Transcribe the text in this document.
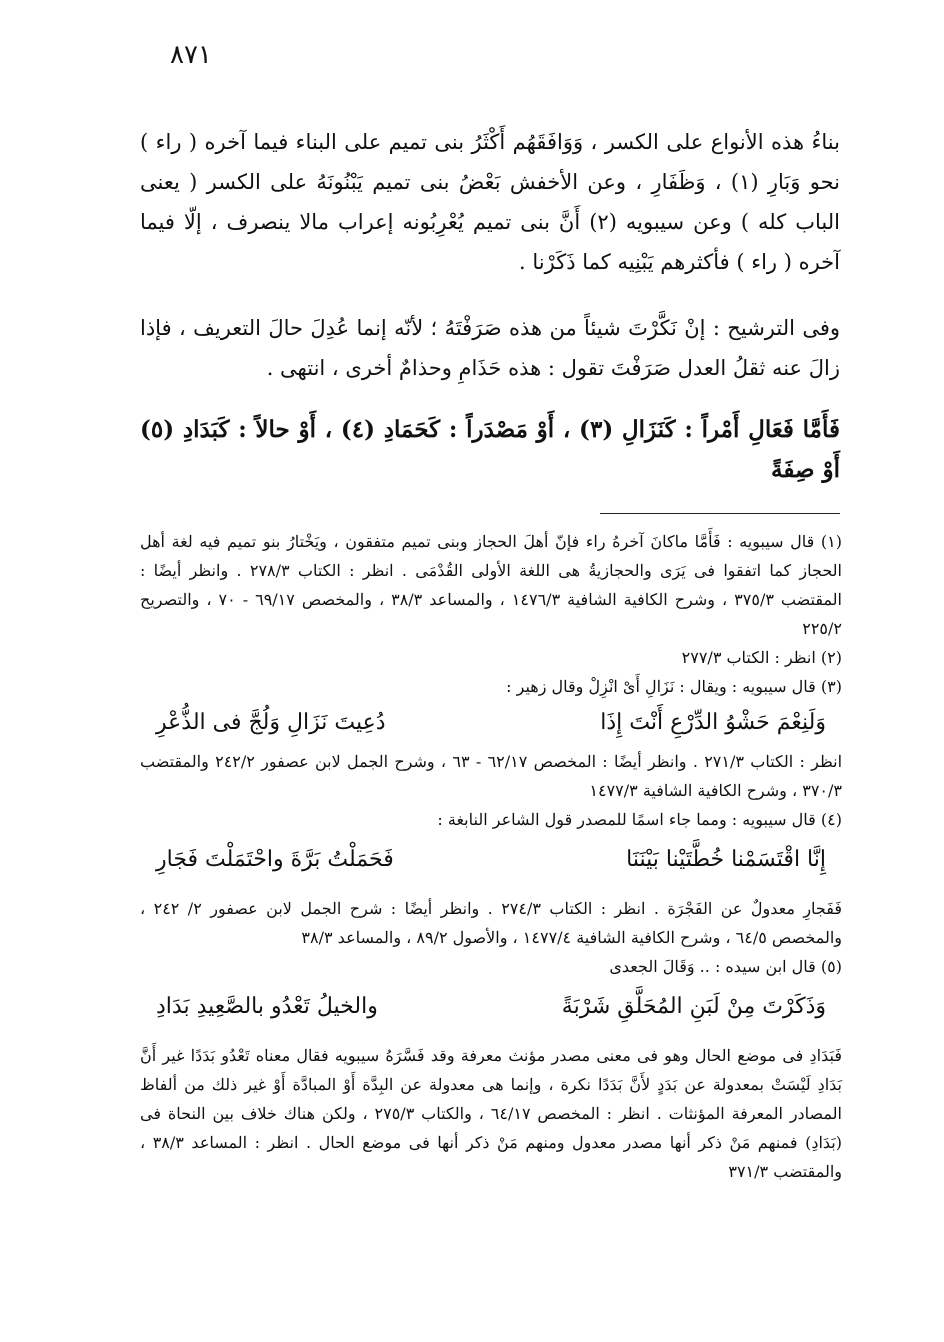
٨٧١

بناءُ هذه الأنواع على الكسر ، وَوَافَقَهُم أَكْثَرُ بنى تميم على البناء فيما آخره ( راء ) نحو وَبَارِ (١) ، وَظَفَارِ ، وعن الأخفش بَعْضُ بنى تميم يَبْنُونَهُ على الكسر ( يعنى الباب كله ) وعن سيبويه (٢) أَنَّ بنى تميم يُعْرِبُونه إعراب مالا ينصرف ، إلّا فيما آخره ( راء ) فأكثرهم يَبْنِيه كما ذَكَرْنا .

وفى الترشيح : إنْ نَكَّرْتَ شيئاً من هذه صَرَفْتَهُ ؛ لأنّه إنما عُدِلَ حالَ التعريف ، فإذا زالَ عنه ثقلُ العدل صَرَفْتَ تقول : هذه حَذَامِ وحذامٌ أخرى ، انتهى .

فَأَمَّا فَعَالِ أَمْراً : كَنَزَالِ (٣) ، أَوْ مَصْدَراً : كَحَمَادِ (٤) ، أَوْ حالاً : كَبَدَادِ (٥) أَوْ صِفَةً

(١) قال سيبويه : فَأَمَّا ماكانَ آخرهُ راء فإنّ أهلَ الحجاز وبنى تميم متفقون ، ويَخْتارُ بنو تميم فيه لغة أهل الحجاز كما اتفقوا فى يَرَى والحجازيةُ هى اللغة الأولى القُدْمَى . انظر : الكتاب ٢٧٨/٣ . وانظر أيضًا : المقتضب ٣٧٥/٣ ، وشرح الكافية الشافية ١٤٧٦/٣ ، والمساعد ٣٨/٣ ، والمخصص ٦٩/١٧ - ٧٠ ، والتصريح ٢٢٥/٢

(٢) انظر : الكتاب ٢٧٧/٣

(٣) قال سيبويه : ويقال : نَزَالِ أَىْ انْزِلْ وقال زهير :

وَلَنِعْمَ حَشْوُ الدِّرْعِ أَنْتَ إِذَا
دُعِيتَ نَزَالِ وَلُجَّ فى الذُّعْرِ

انظر : الكتاب ٢٧١/٣ . وانظر أيضًا : المخصص ٦٢/١٧ - ٦٣ ، وشرح الجمل لابن عصفور ٢٤٢/٢ والمقتضب ٣٧٠/٣ ، وشرح الكافية الشافية ١٤٧٧/٣

(٤) قال سيبويه : ومما جاء اسمًا للمصدر قول الشاعر النابغة :

إِنَّا اقْتَسَمْنا خُطَّتَيْنا بَيْنَنَا
فَحَمَلْتُ بَرَّةَ واحْتَمَلْتَ فَجَارِ

فَفَجارِ معدولٌ عن الفَجْرَة . انظر : الكتاب ٢٧٤/٣ . وانظر أيضًا : شرح الجمل لابن عصفور ٢/ ٢٤٢ ، والمخصص ٦٤/٥ ، وشرح الكافية الشافية ١٤٧٧/٤ ، والأصول ٨٩/٢ ، والمساعد ٣٨/٣

(٥) قال ابن سيده : .. وَقَالَ الجعدى

وَذَكَرْتَ مِنْ لَبَنِ المُحَلَّقِ شَرْبَةً
والخيلُ تَعْدُو بالصَّعِيدِ بَدَادِ

فَبَدَادِ فى موضع الحال وهو فى معنى مصدر مؤنث معرفة وقد فَسَّرَهُ سيبويه فقال معناه تَعْدُو بَدَدًا غير أَنَّ بَدَادِ لَيْسَتْ بمعدولة عن بَدَدٍ لأَنَّ بَدَدًا نكرة ، وإنما هى معدولة عن البِدَّة أَوْ المبادَّة أَوْ غير ذلك من ألفاظ المصادر المعرفة المؤنثات . انظر : المخصص ٦٤/١٧ ، والكتاب ٢٧٥/٣ ، ولكن هناك خلاف بين النحاة فى (بَدَادِ) فمنهم مَنْ ذكر أنها مصدر معدول ومنهم مَنْ ذكر أنها فى موضع الحال . انظر : المساعد ٣٨/٣ ، والمقتضب ٣٧١/٣
